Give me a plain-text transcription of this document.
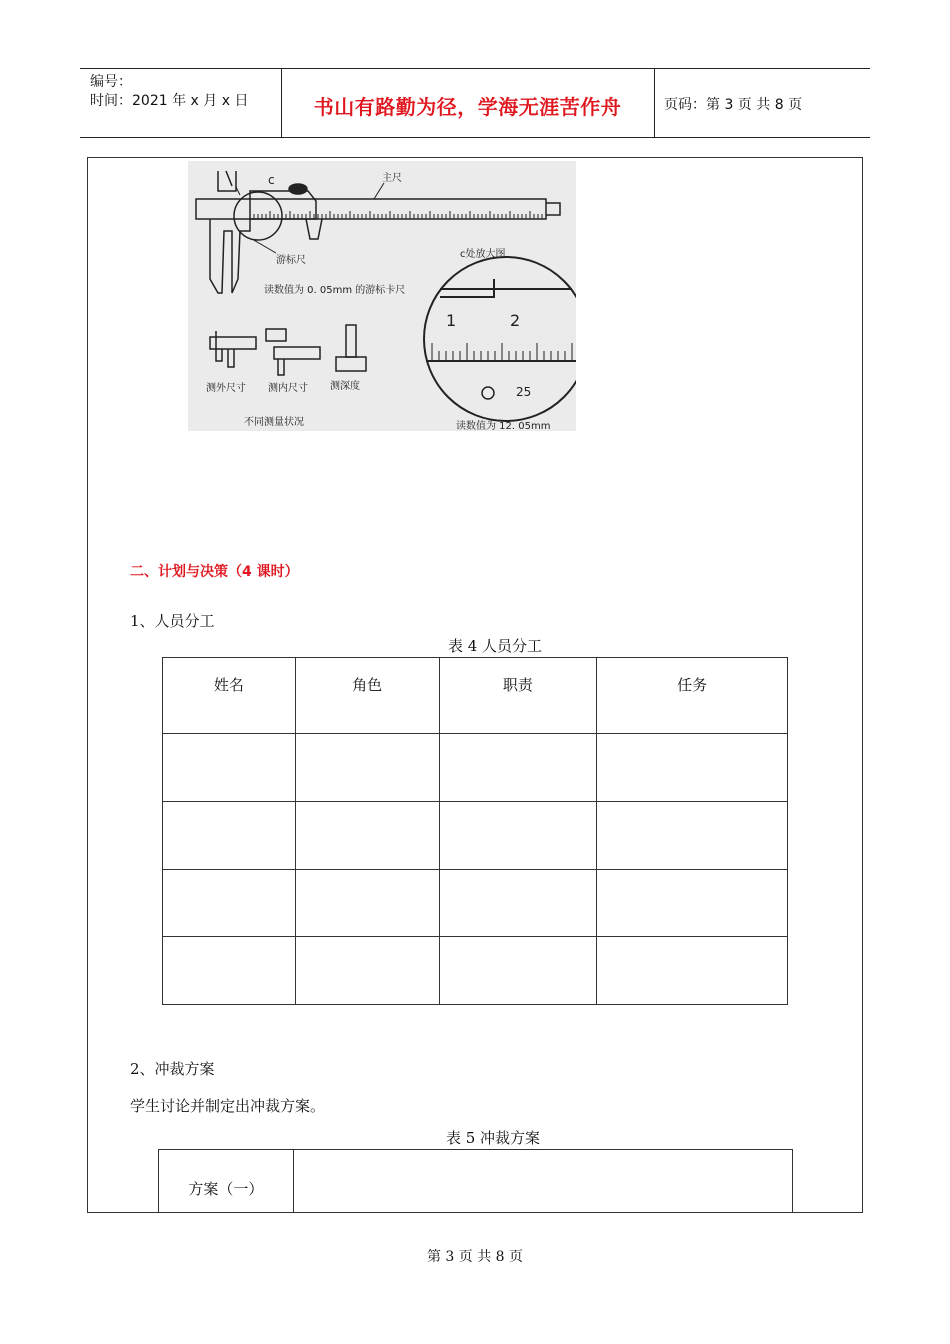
编号：
时间：2021 年 x 月 x 日	书山有路勤为径，学海无涯苦作舟	页码：第 3 页 共 8 页
主尺
c
游标尺
c处放大图
读数值为 0. 05mm 的游标卡尺
1	2
25
测外尺寸 测内尺寸 测深度
不同测量状况	读数值为 12. 05mm
二、计划与决策（4 课时）
1、人员分工
表 4 人员分工
姓名	角色	职责	任务

2、冲裁方案
学生讨论并制定出冲裁方案。
表 5 冲裁方案
方案（一）	
第 3 页 共 8 页
